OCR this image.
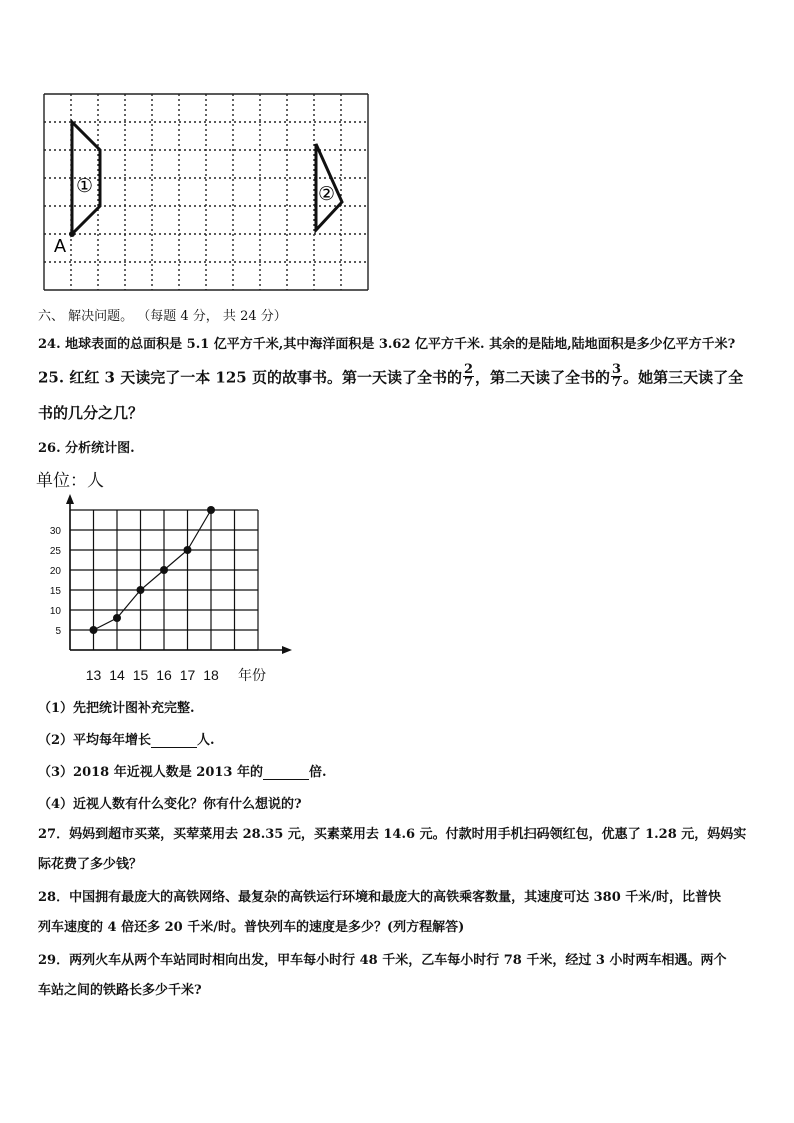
①	②
A
六、 解决问题。 （每题 4 分， 共 24 分）
24. 地球表面的总面积是 5.1 亿平方千米,其中海洋面积是 3.62 亿平方千米. 其余的是陆地,陆地面积是多少亿平方千米?
25. 红红 3 天读完了一本 125 页的故事书。第一天读了全书的 $\frac{2}{7}$ ，第二天读了全书的 $\frac{3}{7}$ 。她第三天读了全
书的几分之几？
26. 分析统计图.
单位：人
5
10
15
20
25
30
13 14 15 16 17 18 年份
（1）先把统计图补充完整.
（2）平均每年增长	人.
（3）2018 年近视人数是 2013 年的	倍.
（4）近视人数有什么变化？你有什么想说的?
27．妈妈到超市买菜，买荤菜用去 28.35 元，买素菜用去 14.6 元。付款时用手机扫码领红包，优惠了 1.28 元，妈妈实
际花费了多少钱？
28．中国拥有最庞大的高铁网络、最复杂的高铁运行环境和最庞大的高铁乘客数量，其速度可达 380 千米/时，比普快
列车速度的 4 倍还多 20 千米/时。普快列车的速度是多少？(列方程解答)
29．两列火车从两个车站同时相向出发，甲车每小时行 48 千米，乙车每小时行 78 千米，经过 3 小时两车相遇。两个
车站之间的铁路长多少千米?
